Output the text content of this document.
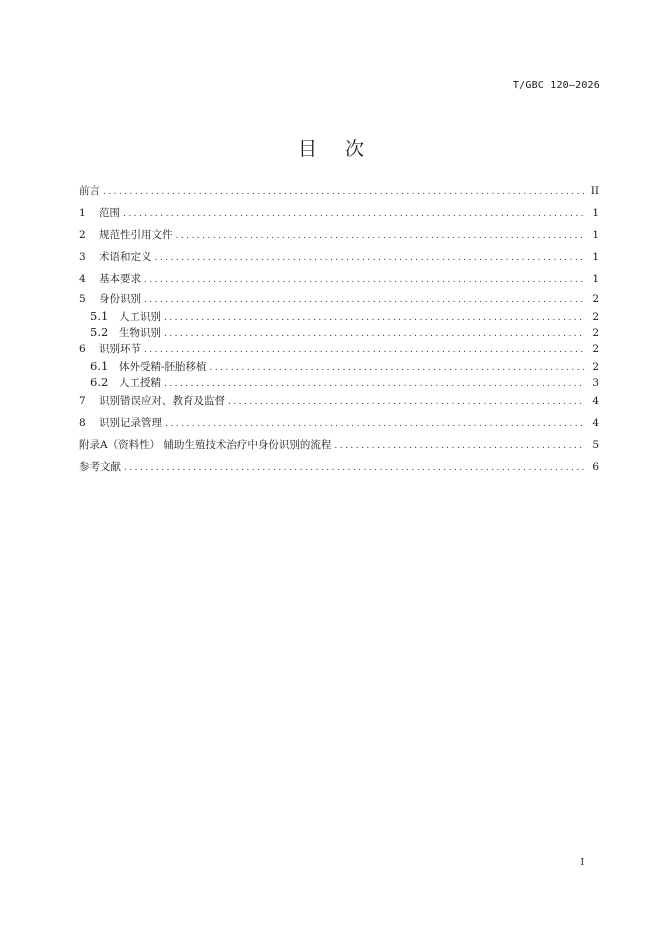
T/GBC 120—2026
目次
前言 . . .	II
1	范围 . . .	1
2	规范性引用文件 . . .	1
3	术语和定义 . . .	1
4	基本要求 . . .	1
5	身份识别 . . .	2
5.1	人工识别 . . .	2
5.2	生物识别 . . .	2
6	识别环节 . . .	2
6.1	体外受精-胚胎移植 . . .	2
6.2	人工授精 . . .	3
7	识别错误应对、教育及监督 . . .	4
8	识别记录管理 . . .	4
附录A（资料性） 辅助生殖技术治疗中身份识别的流程 . . .	5
参考文献 . . .	6
I
